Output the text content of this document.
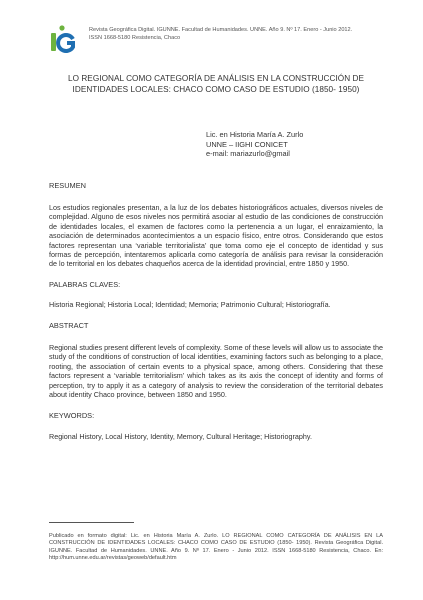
Revista Geográfica Digital. IGUNNE. Facultad de Humanidades. UNNE. Año 9. Nº 17. Enero - Junio 2012.
ISSN 1668-5180 Resistencia, Chaco
LO REGIONAL COMO CATEGORÍA DE ANÁLISIS EN LA CONSTRUCCIÓN DE IDENTIDADES LOCALES: CHACO COMO CASO DE ESTUDIO (1850- 1950)
Lic. en Historia María A. Zurlo
UNNE – IIGHI CONICET
e-mail: mariazurlo@gmail
RESUMEN
Los estudios regionales presentan, a la luz de los debates historiográficos actuales, diversos niveles de complejidad. Alguno de esos niveles nos permitirá asociar al estudio de las condiciones de construcción de identidades locales, el examen de factores como la pertenencia a un lugar, el enraizamiento, la asociación de determinados acontecimientos a un espacio físico, entre otros. Considerando que estos factores representan una ‘variable territorialista’ que toma como eje el concepto de identidad y sus formas de percepción, intentaremos aplicarla como categoría de análisis para revisar la consideración de lo territorial en los debates chaqueños acerca de la identidad provincial, entre 1850 y 1950.
PALABRAS CLAVES:
Historia Regional; Historia Local; Identidad; Memoria; Patrimonio Cultural; Historiografía.
ABSTRACT
Regional studies present different levels of complexity. Some of these levels will allow us to associate the study of the conditions of construction of local identities, examining factors such as belonging to a place, rooting, the association of certain events to a physical space, among others. Considering that these factors represent a ‘variable territorialism’ which takes as its axis the concept of identity and forms of perception, try to apply it as a category of analysis to review the consideration of the territorial debates about identity Chaco province, between 1850 and 1950.
KEYWORDS:
Regional History, Local History, Identity, Memory, Cultural Heritage; Historiography.
Publicado en formato digital: Lic. en Historia María A. Zurlo. LO REGIONAL COMO CATEGORÍA DE ANÁLISIS EN LA CONSTRUCCIÓN DE IDENTIDADES LOCALES: CHACO COMO CASO DE ESTUDIO (1850- 1950). Revista Geográfica Digital. IGUNNE. Facultad de Humanidades. UNNE. Año 9. Nº 17. Enero - Junio 2012. ISSN 1668-5180 Resistencia, Chaco. En: http://hum.unne.edu.ar/revistas/geoweb/default.htm
